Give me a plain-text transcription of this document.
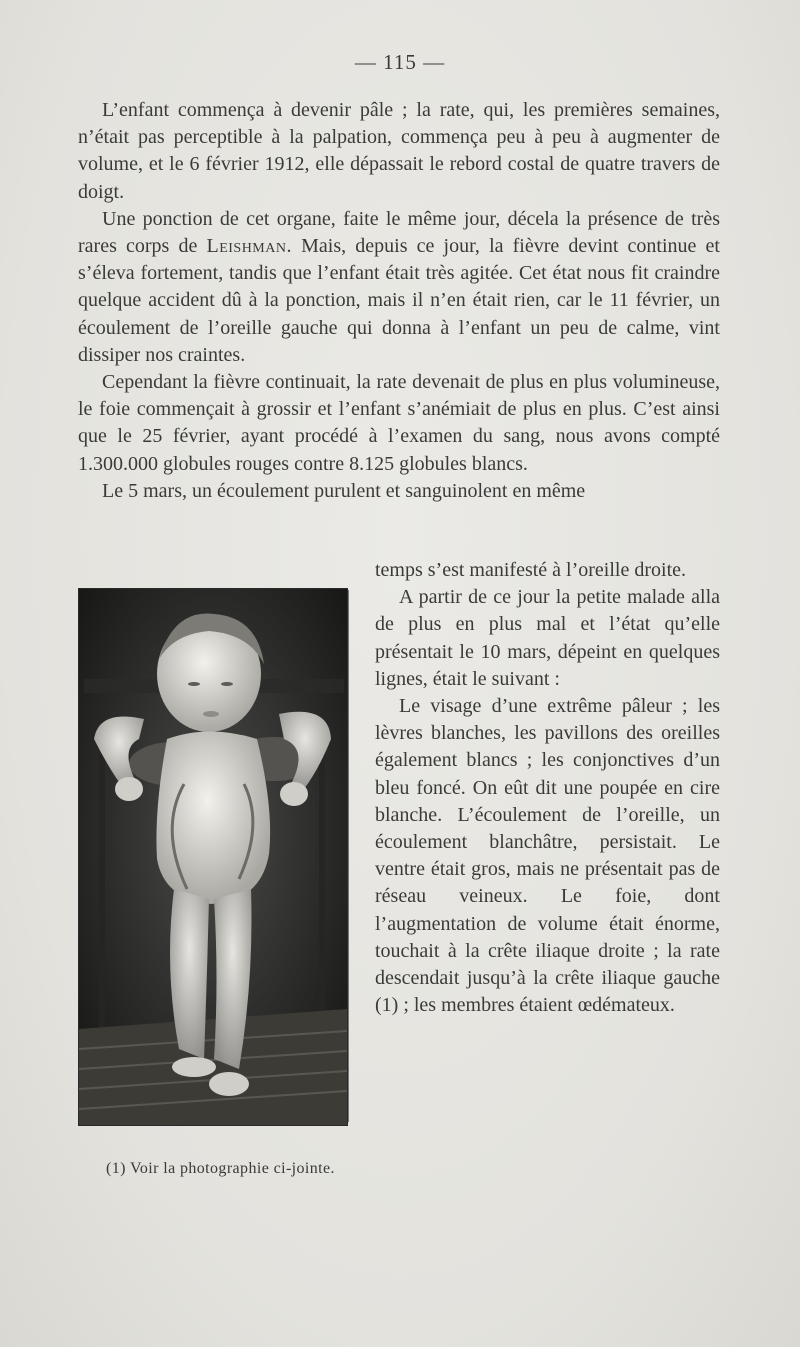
— 115 —

L’enfant commença à devenir pâle ; la rate, qui, les premières semaines, n’était pas perceptible à la palpation, commença peu à peu à augmenter de volume, et le 6 février 1912, elle dépassait le rebord costal de quatre travers de doigt.

Une ponction de cet organe, faite le même jour, décela la présence de très rares corps de Leishman. Mais, depuis ce jour, la fièvre devint continue et s’éleva fortement, tandis que l’enfant était très agitée. Cet état nous fit craindre quelque accident dû à la ponction, mais il n’en était rien, car le 11 février, un écoulement de l’oreille gauche qui donna à l’enfant un peu de calme, vint dissiper nos craintes.

Cependant la fièvre continuait, la rate devenait de plus en plus volumineuse, le foie commençait à grossir et l’enfant s’anémiait de plus en plus. C’est ainsi que le 25 février, ayant procédé à l’examen du sang, nous avons compté 1.300.000 globules rouges contre 8.125 globules blancs.

Le 5 mars, un écoulement purulent et sanguinolent en même

temps s’est manifesté à l’oreille droite.

A partir de ce jour la petite malade alla de plus en plus mal et l’état qu’elle présentait le 10 mars, dépeint en quelques lignes, était le suivant :

Le visage d’une extrême pâleur ; les lèvres blanches, les pavillons des oreilles également blancs ; les conjonctives d’un bleu foncé. On eût dit une poupée en cire blanche. L’écoulement de l’oreille, un écoulement blanchâtre, persistait. Le ventre était gros, mais ne présentait pas de réseau veineux. Le foie, dont l’augmentation de volume était énorme, touchait à la crête iliaque droite ; la rate descendait jusqu’à la crête iliaque gauche (1) ; les membres étaient œdémateux.

(1) Voir la photographie ci-jointe.
